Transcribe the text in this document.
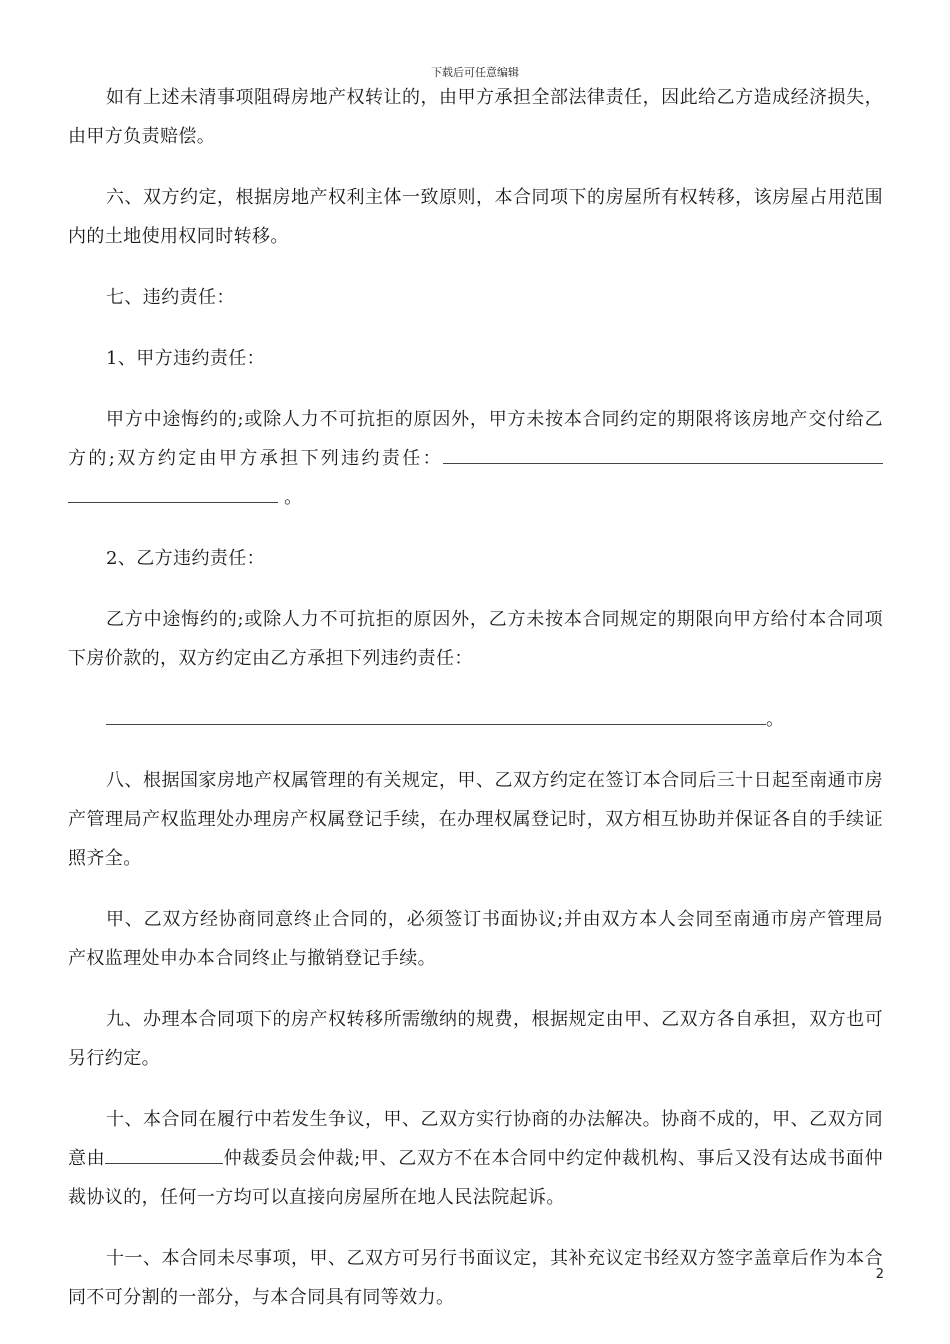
下载后可任意编辑

如有上述未清事项阻碍房地产权转让的，由甲方承担全部法律责任，因此给乙方造成经济损失，由甲方负责赔偿。

六、双方约定，根据房地产权利主体一致原则，本合同项下的房屋所有权转移，该房屋占用范围内的土地使用权同时转移。

七、违约责任：

1、甲方违约责任：

甲方中途悔约的;或除人力不可抗拒的原因外，甲方未按本合同约定的期限将该房地产交付给乙方的;双方约定由甲方承担下列违约责任： 。

2、乙方违约责任：

乙方中途悔约的;或除人力不可抗拒的原因外，乙方未按本合同规定的期限向甲方给付本合同项下房价款的，双方约定由乙方承担下列违约责任：

。

八、根据国家房地产权属管理的有关规定，甲、乙双方约定在签订本合同后三十日起至南通市房产管理局产权监理处办理房产权属登记手续，在办理权属登记时，双方相互协助并保证各自的手续证照齐全。

甲、乙双方经协商同意终止合同的，必须签订书面协议;并由双方本人会同至南通市房产管理局产权监理处申办本合同终止与撤销登记手续。

九、办理本合同项下的房产权转移所需缴纳的规费，根据规定由甲、乙双方各自承担，双方也可另行约定。

十、本合同在履行中若发生争议，甲、乙双方实行协商的办法解决。协商不成的，甲、乙双方同意由	仲裁委员会仲裁;甲、乙双方不在本合同中约定仲裁机构、事后又没有达成书面仲裁协议的，任何一方均可以直接向房屋所在地人民法院起诉。

十一、本合同未尽事项，甲、乙双方可另行书面议定，其补充议定书经双方签字盖章后作为本合同不可分割的一部分，与本合同具有同等效力。

2
